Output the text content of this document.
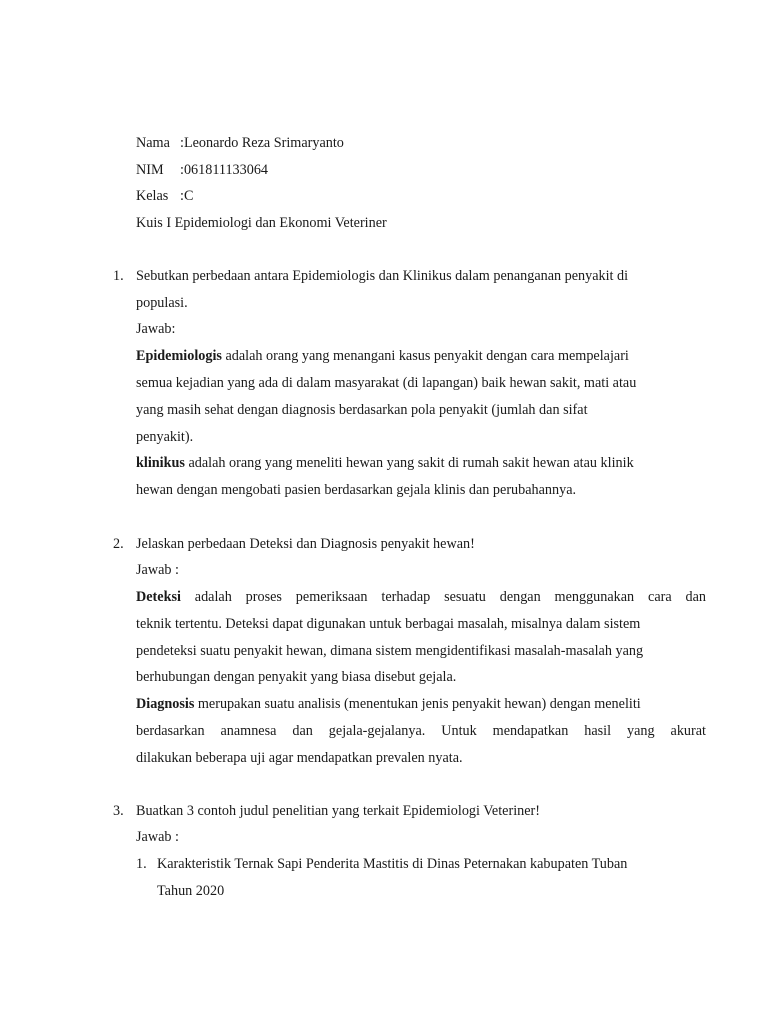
Nama :Leonardo Reza Srimaryanto
NIM :061811133064
Kelas :C
Kuis I Epidemiologi dan Ekonomi Veteriner
1. Sebutkan perbedaan antara Epidemiologis dan Klinikus dalam penanganan penyakit di
populasi.
Jawab:
Epidemiologis adalah orang yang menangani kasus penyakit dengan cara mempelajari
semua kejadian yang ada di dalam masyarakat (di lapangan) baik hewan sakit, mati atau
yang masih sehat dengan diagnosis berdasarkan pola penyakit (jumlah dan sifat
penyakit).
klinikus adalah orang yang meneliti hewan yang sakit di rumah sakit hewan atau klinik
hewan dengan mengobati pasien berdasarkan gejala klinis dan perubahannya.
2. Jelaskan perbedaan Deteksi dan Diagnosis penyakit hewan!
Jawab :
Deteksi adalah proses pemeriksaan terhadap sesuatu dengan menggunakan cara dan
teknik tertentu. Deteksi dapat digunakan untuk berbagai masalah, misalnya dalam sistem
pendeteksi suatu penyakit hewan, dimana sistem mengidentifikasi masalah-masalah yang
berhubungan dengan penyakit yang biasa disebut gejala.
Diagnosis merupakan suatu analisis (menentukan jenis penyakit hewan) dengan meneliti
berdasarkan anamnesa dan gejala-gejalanya. Untuk mendapatkan hasil yang akurat
dilakukan beberapa uji agar mendapatkan prevalen nyata.
3. Buatkan 3 contoh judul penelitian yang terkait Epidemiologi Veteriner!
Jawab :
1. Karakteristik Ternak Sapi Penderita Mastitis di Dinas Peternakan kabupaten Tuban
Tahun 2020
